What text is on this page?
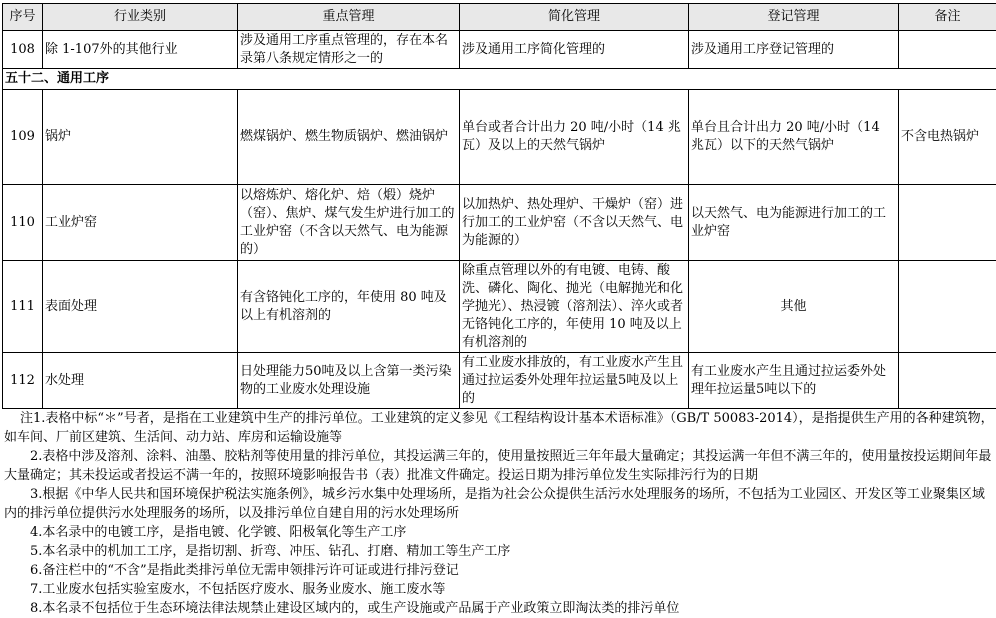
序号	行业类别	重点管理	简化管理	登记管理	备注
108	除 1-107外的其他行业	涉及通用工序重点管理的，存在本名录第八条规定情形之一的	涉及通用工序简化管理的	涉及通用工序登记管理的	
五十二、通用工序					
109	锅炉	燃煤锅炉、燃生物质锅炉、燃油锅炉	单台或者合计出力 20 吨/小时（14 兆瓦）及以上的天然气锅炉	单台且合计出力 20 吨/小时（14 兆瓦）以下的天然气锅炉	不含电热锅炉
110	工业炉窑	以熔炼炉、熔化炉、焙（煅）烧炉（窑）、焦炉、煤气发生炉进行加工的工业炉窑（不含以天然气、电为能源的）	以加热炉、热处理炉、干燥炉（窑）进行加工的工业炉窑（不含以天然气、电为能源的）	以天然气、电为能源进行加工的工业炉窑	
111	表面处理	有含铬钝化工序的，年使用 80 吨及以上有机溶剂的	除重点管理以外的有电镀、电铸、酸洗、磷化、陶化、抛光（电解抛光和化学抛光）、热浸镀（溶剂法）、淬火或者无铬钝化工序的，年使用 10 吨及以上有机溶剂的	其他	
112	水处理	日处理能力50吨及以上含第一类污染物的工业废水处理设施	有工业废水排放的，有工业废水产生且通过拉运委外处理年拉运量5吨及以上的	有工业废水产生且通过拉运委外处理年拉运量5吨以下的	
注1.表格中标“＊”号者，是指在工业建筑中生产的排污单位。工业建筑的定义参见《工程结构设计基本术语标准》（GB/T 50083-2014），是指提供生产用的各种建筑物，如车间、厂前区建筑、生活间、动力站、库房和运输设施等
2.表格中涉及溶剂、涂料、油墨、胶粘剂等使用量的排污单位，其投运满三年的，使用量按照近三年年最大量确定；其投运满一年但不满三年的，使用量按投运期间年最大量确定；其未投运或者投运不满一年的，按照环境影响报告书（表）批准文件确定。投运日期为排污单位发生实际排污行为的日期
3.根据《中华人民共和国环境保护税法实施条例》，城乡污水集中处理场所，是指为社会公众提供生活污水处理服务的场所，不包括为工业园区、开发区等工业聚集区域内的排污单位提供污水处理服务的场所，以及排污单位自建自用的污水处理场所
4.本名录中的电镀工序，是指电镀、化学镀、阳极氧化等生产工序
5.本名录中的机加工工序，是指切割、折弯、冲压、钻孔、打磨、精加工等生产工序
6.备注栏中的“不含”是指此类排污单位无需申领排污许可证或进行排污登记
7.工业废水包括实验室废水，不包括医疗废水、服务业废水、施工废水等
8.本名录不包括位于生态环境法律法规禁止建设区域内的，或生产设施或产品属于产业政策立即淘汰类的排污单位
